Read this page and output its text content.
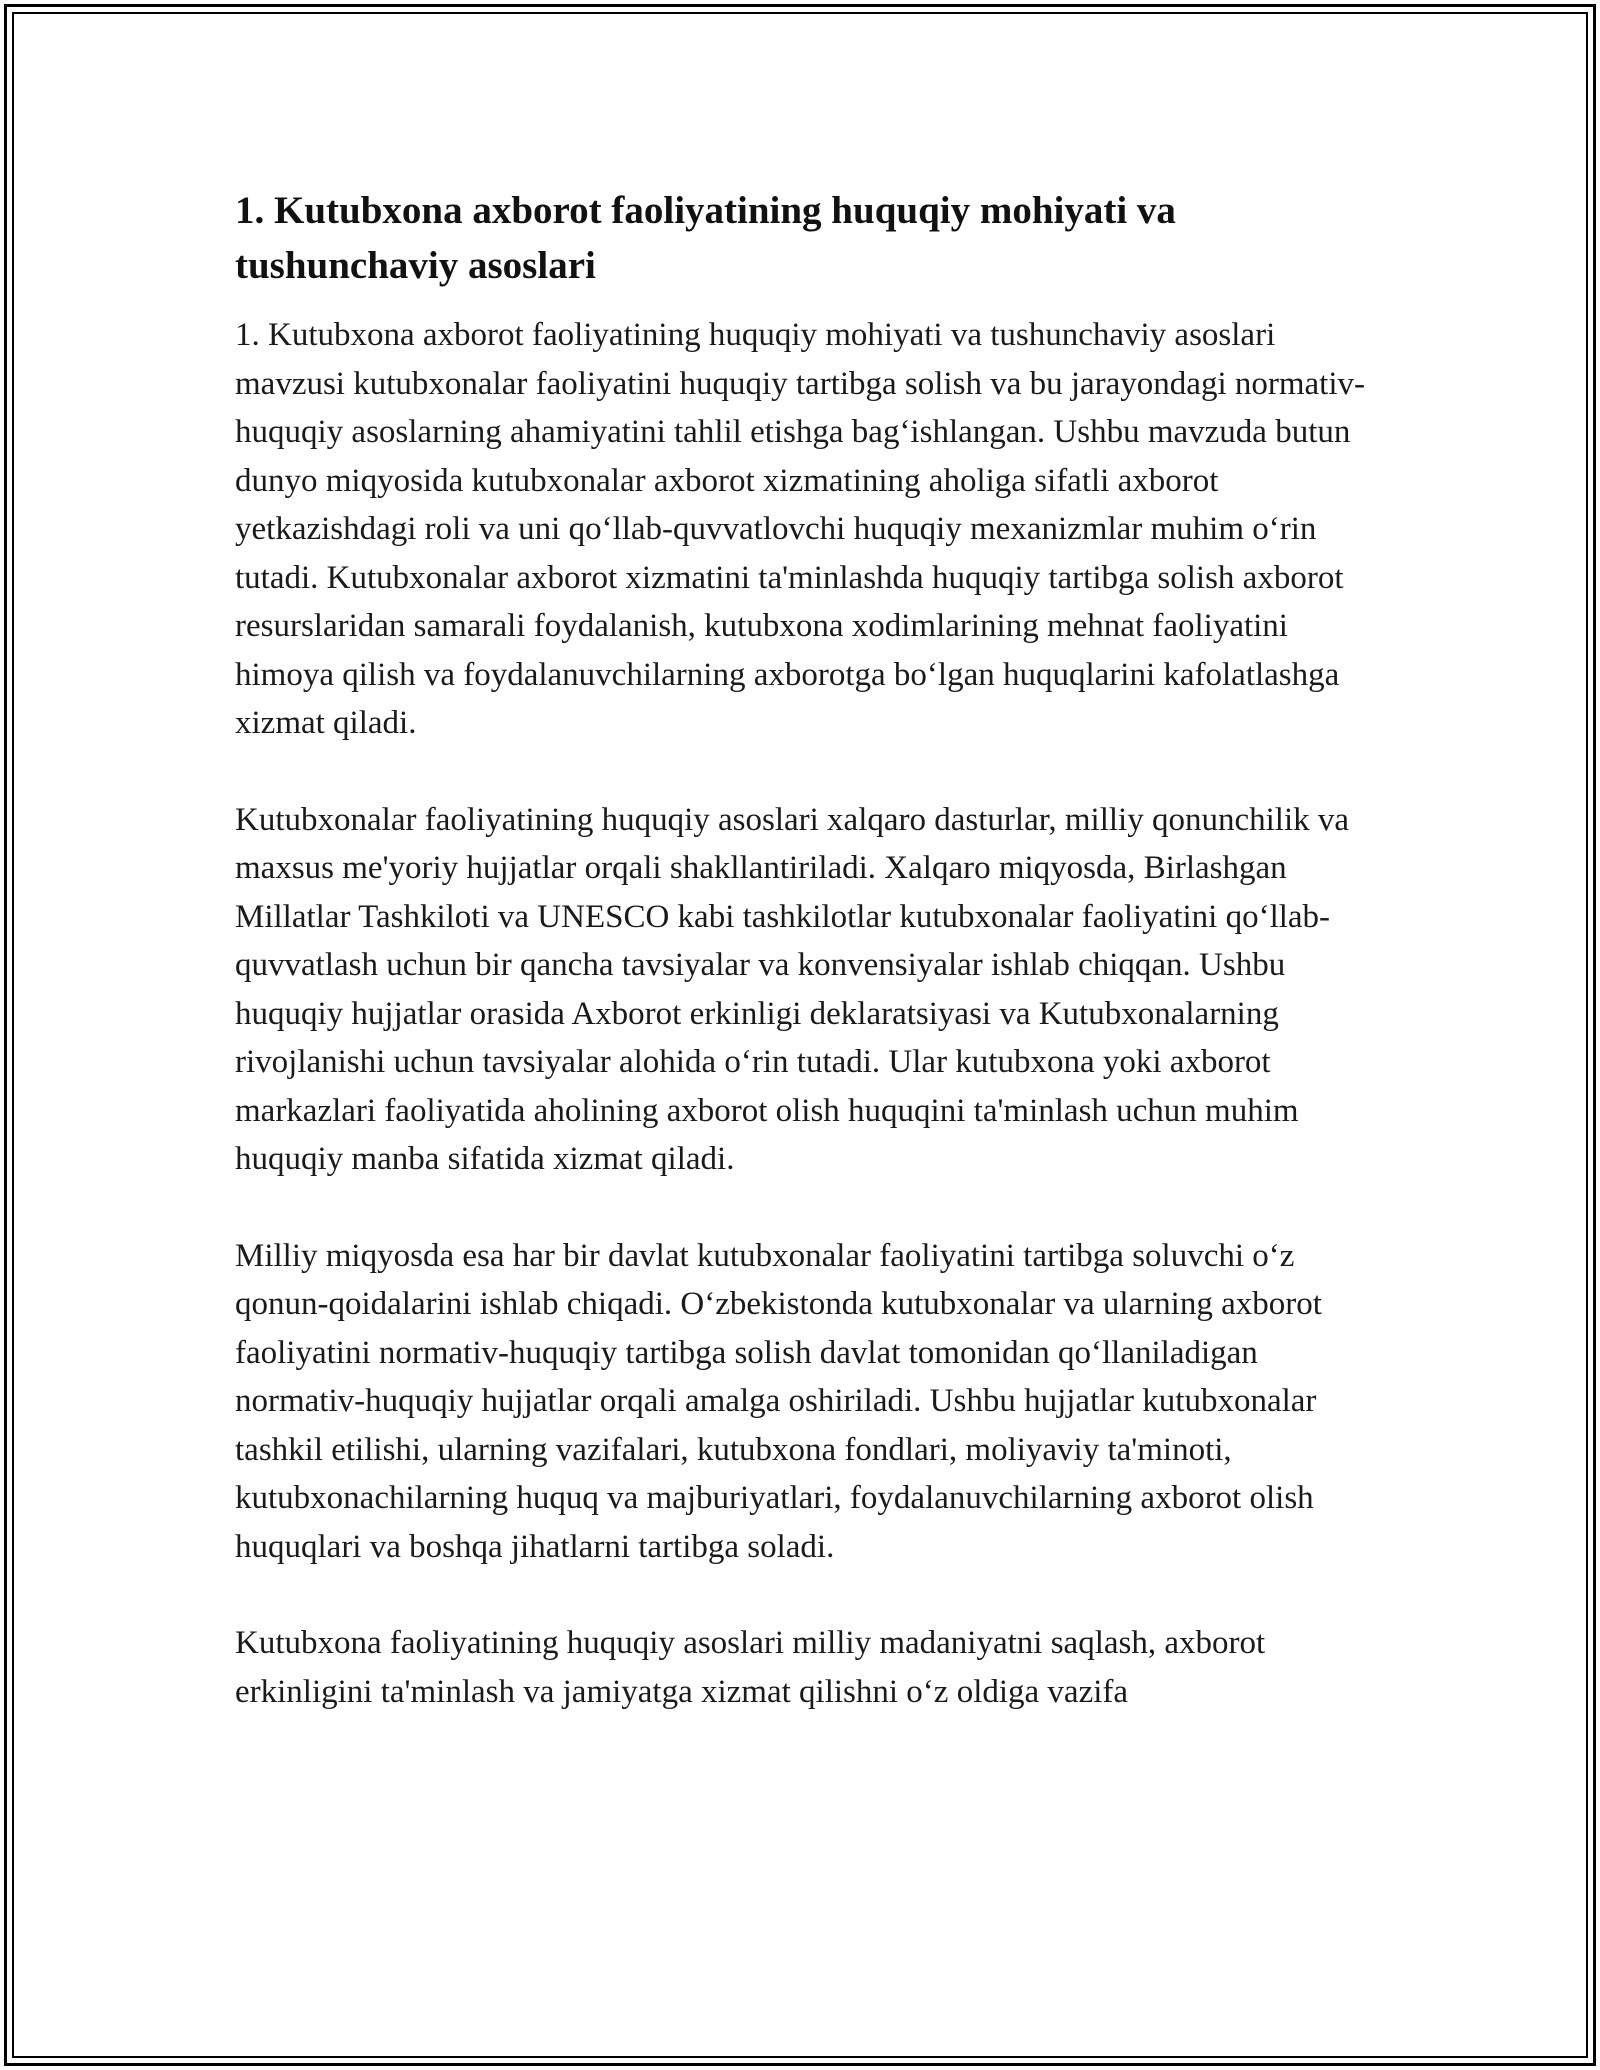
1. Kutubxona axborot faoliyatining huquqiy mohiyati va tushunchaviy asoslari

1. Kutubxona axborot faoliyatining huquqiy mohiyati va tushunchaviy asoslari mavzusi kutubxonalar faoliyatini huquqiy tartibga solish va bu jarayondagi normativ-huquqiy asoslarning ahamiyatini tahlil etishga bag‘ishlangan. Ushbu mavzuda butun dunyo miqyosida kutubxonalar axborot xizmatining aholiga sifatli axborot yetkazishdagi roli va uni qo‘llab-quvvatlovchi huquqiy mexanizmlar muhim o‘rin tutadi. Kutubxonalar axborot xizmatini ta'minlashda huquqiy tartibga solish axborot resurslaridan samarali foydalanish, kutubxona xodimlarining mehnat faoliyatini himoya qilish va foydalanuvchilarning axborotga bo‘lgan huquqlarini kafolatlashga xizmat qiladi.

Kutubxonalar faoliyatining huquqiy asoslari xalqaro dasturlar, milliy qonunchilik va maxsus me'yoriy hujjatlar orqali shakllantiriladi. Xalqaro miqyosda, Birlashgan Millatlar Tashkiloti va UNESCO kabi tashkilotlar kutubxonalar faoliyatini qo‘llab-quvvatlash uchun bir qancha tavsiyalar va konvensiyalar ishlab chiqqan. Ushbu huquqiy hujjatlar orasida Axborot erkinligi deklaratsiyasi va Kutubxonalarning rivojlanishi uchun tavsiyalar alohida o‘rin tutadi. Ular kutubxona yoki axborot markazlari faoliyatida aholining axborot olish huquqini ta'minlash uchun muhim huquqiy manba sifatida xizmat qiladi.

Milliy miqyosda esa har bir davlat kutubxonalar faoliyatini tartibga soluvchi o‘z qonun-qoidalarini ishlab chiqadi. O‘zbekistonda kutubxonalar va ularning axborot faoliyatini normativ-huquqiy tartibga solish davlat tomonidan qo‘llaniladigan normativ-huquqiy hujjatlar orqali amalga oshiriladi. Ushbu hujjatlar kutubxonalar tashkil etilishi, ularning vazifalari, kutubxona fondlari, moliyaviy ta'minoti, kutubxonachilarning huquq va majburiyatlari, foydalanuvchilarning axborot olish huquqlari va boshqa jihatlarni tartibga soladi.

Kutubxona faoliyatining huquqiy asoslari milliy madaniyatni saqlash, axborot erkinligini ta'minlash va jamiyatga xizmat qilishni o‘z oldiga vazifa
